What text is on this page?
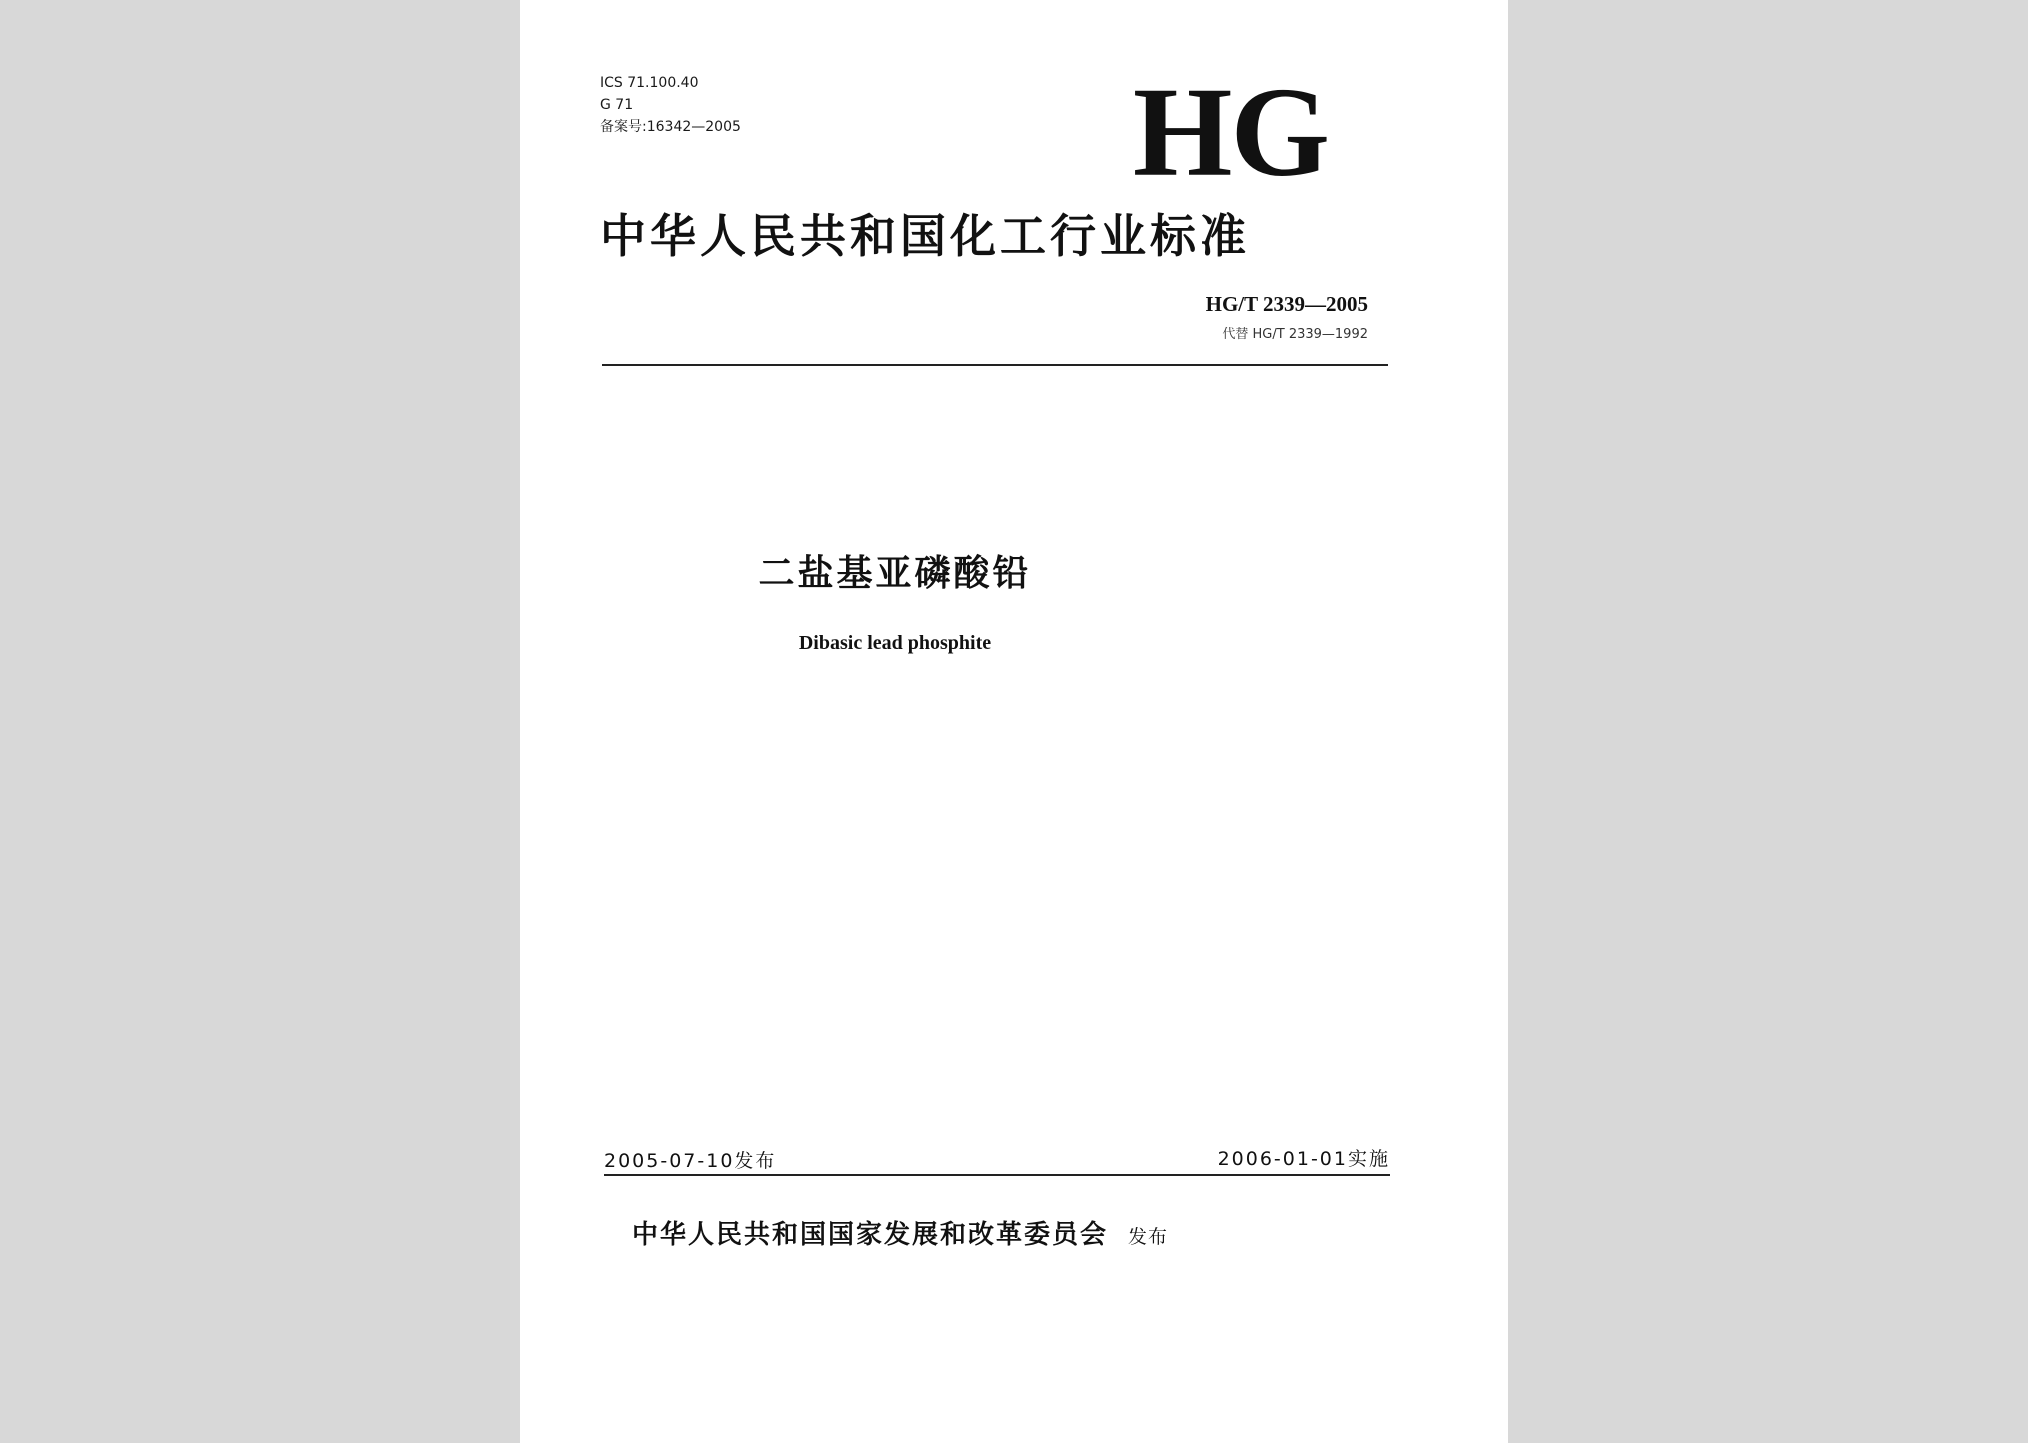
ICS 71.100.40
G 71
备案号:16342—2005	HG
中华人民共和国化工行业标准
HG/T 2339—2005
代替 HG/T 2339—1992
二盐基亚磷酸铅
Dibasic lead phosphite
2005-07-10发布	2006-01-01实施
中华人民共和国国家发展和改革委员会 发布
